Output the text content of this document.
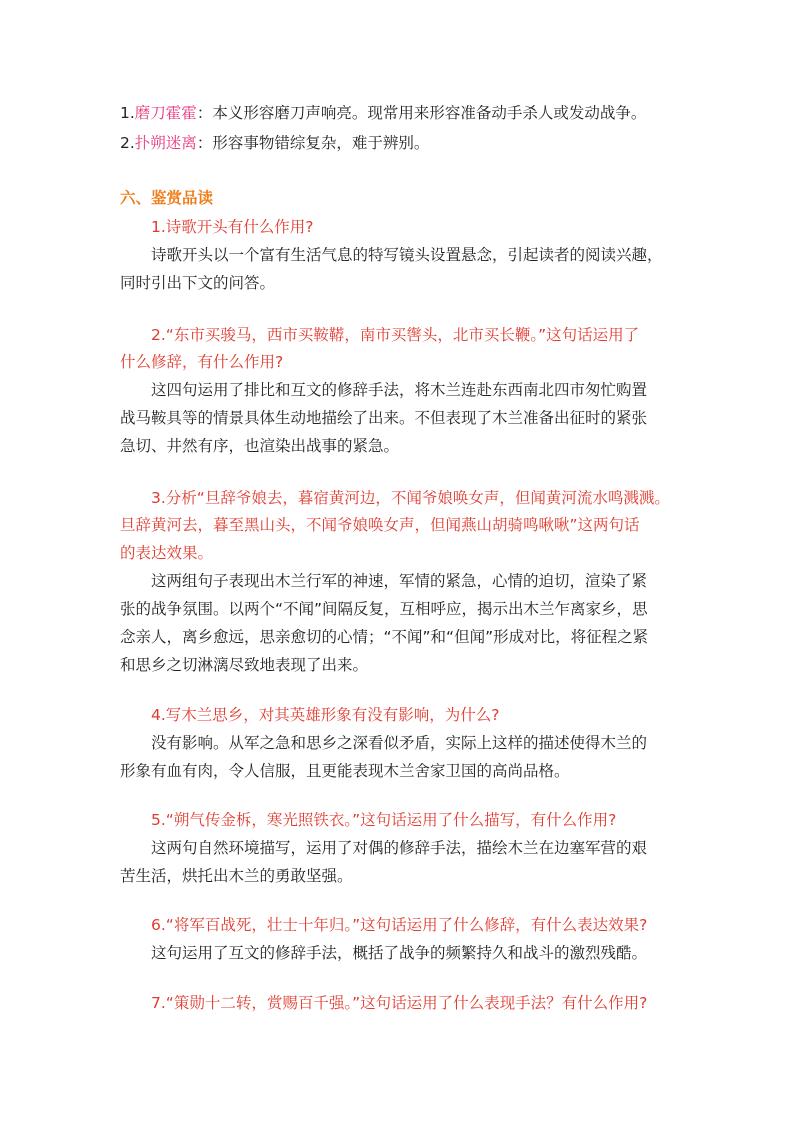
1.磨刀霍霍：本义形容磨刀声响亮。现常用来形容准备动手杀人或发动战争。
2.扑朔迷离：形容事物错综复杂，难于辨别。
六、鉴赏品读
1.诗歌开头有什么作用?
诗歌开头以一个富有生活气息的特写镜头设置悬念，引起读者的阅读兴趣，
同时引出下文的问答。
2.“东市买骏马，西市买鞍鞯，南市买辔头，北市买长鞭。”这句话运用了
什么修辞，有什么作用?
这四句运用了排比和互文的修辞手法，将木兰连赴东西南北四市匆忙购置
战马鞍具等的情景具体生动地描绘了出来。不但表现了木兰准备出征时的紧张
急切、井然有序，也渲染出战事的紧急。
3.分析“旦辞爷娘去，暮宿黄河边，不闻爷娘唤女声，但闻黄河流水鸣溅溅。
旦辞黄河去，暮至黑山头，不闻爷娘唤女声，但闻燕山胡骑鸣啾啾”这两句话
的表达效果。
这两组句子表现出木兰行军的神速，军情的紧急，心情的迫切，渲染了紧
张的战争氛围。以两个“不闻”间隔反复，互相呼应，揭示出木兰乍离家乡，思
念亲人，离乡愈远，思亲愈切的心情；“不闻”和“但闻”形成对比，将征程之紧
和思乡之切淋漓尽致地表现了出来。
4.写木兰思乡，对其英雄形象有没有影响，为什么?
没有影响。从军之急和思乡之深看似矛盾，实际上这样的描述使得木兰的
形象有血有肉，令人信服，且更能表现木兰舍家卫国的高尚品格。
5.“朔气传金柝，寒光照铁衣。”这句话运用了什么描写，有什么作用?
这两句自然环境描写，运用了对偶的修辞手法，描绘木兰在边塞军营的艰
苦生活，烘托出木兰的勇敢坚强。
6.“将军百战死，壮士十年归。”这句话运用了什么修辞，有什么表达效果?
这句运用了互文的修辞手法，概括了战争的频繁持久和战斗的激烈残酷。
7.“策勋十二转，赏赐百千强。”这句话运用了什么表现手法？有什么作用?
